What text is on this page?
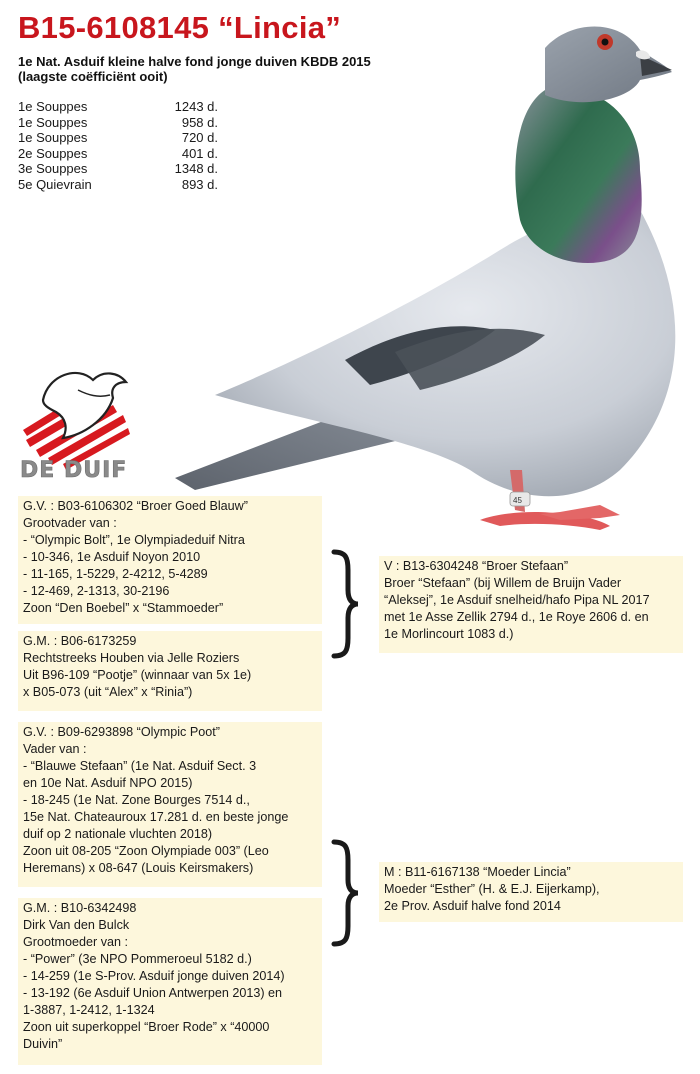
B15-6108145 “Lincia”
1e Nat. Asduif kleine halve fond jonge duiven KBDB 2015
(laagste coëfficiënt ooit)
1e Souppes	1243 d.
1e Souppes	958 d.
1e Souppes	720 d.
2e Souppes	401 d.
3e Souppes	1348 d.
5e Quievrain	893 d.
45
DE DUIF
G.V. : B03-6106302 “Broer Goed Blauw”
Grootvader van :
- “Olympic Bolt”, 1e Olympiadeduif Nitra
- 10-346, 1e Asduif Noyon 2010
- 11-165, 1-5229, 2-4212, 5-4289
- 12-469, 2-1313, 30-2196
Zoon “Den Boebel” x “Stammoeder”
G.M. : B06-6173259
Rechtstreeks Houben via Jelle Roziers
Uit B96-109 “Pootje” (winnaar van 5x 1e)
x B05-073 (uit “Alex” x “Rinia”)
V : B13-6304248 “Broer Stefaan”
Broer “Stefaan” (bij Willem de Bruijn Vader
“Aleksej”, 1e Asduif snelheid/hafo Pipa NL 2017
met 1e Asse Zellik 2794 d., 1e Roye 2606 d. en
1e Morlincourt 1083 d.)
G.V. : B09-6293898 “Olympic Poot”
Vader van :
- “Blauwe Stefaan” (1e Nat. Asduif Sect. 3
en 10e Nat. Asduif NPO 2015)
- 18-245 (1e Nat. Zone Bourges 7514 d.,
15e Nat. Chateauroux 17.281 d. en beste jonge
duif op 2 nationale vluchten 2018)
Zoon uit 08-205 “Zoon Olympiade 003” (Leo
Heremans) x 08-647 (Louis Keirsmakers)
G.M. : B10-6342498
Dirk Van den Bulck
Grootmoeder van :
- “Power” (3e NPO Pommeroeul 5182 d.)
- 14-259 (1e S-Prov. Asduif jonge duiven 2014)
- 13-192 (6e Asduif Union Antwerpen 2013) en
1-3887, 1-2412, 1-1324
Zoon uit superkoppel “Broer Rode” x “40000
Duivin”
M : B11-6167138 “Moeder Lincia”
Moeder “Esther” (H. & E.J. Eijerkamp),
2e Prov. Asduif halve fond 2014
